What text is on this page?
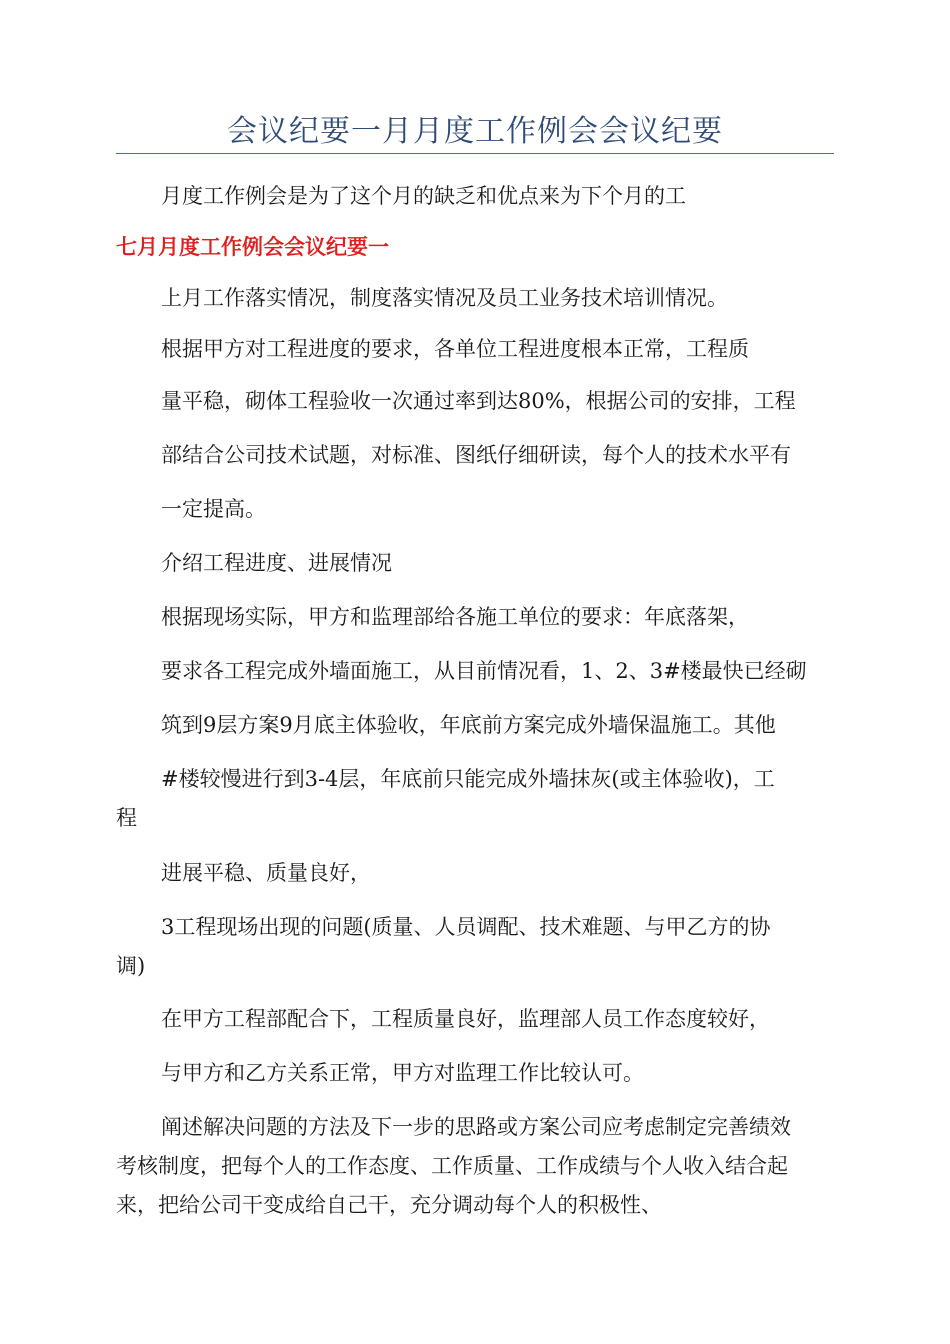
会议纪要一月月度工作例会会议纪要
月度工作例会是为了这个月的缺乏和优点来为下个月的工
七月月度工作例会会议纪要一
上月工作落实情况，制度落实情况及员工业务技术培训情况。
根据甲方对工程进度的要求，各单位工程进度根本正常，工程质
量平稳，砌体工程验收一次通过率到达80%，根据公司的安排，工程
部结合公司技术试题，对标准、图纸仔细研读，每个人的技术水平有
一定提高。
介绍工程进度、进展情况
根据现场实际，甲方和监理部给各施工单位的要求：年底落架，
要求各工程完成外墙面施工，从目前情况看，1、2、3#楼最快已经砌
筑到9层方案9月底主体验收，年底前方案完成外墙保温施工。其他
#楼较慢进行到3-4层，年底前只能完成外墙抹灰(或主体验收)，工
程
进展平稳、质量良好，
3工程现场出现的问题(质量、人员调配、技术难题、与甲乙方的协
调)
在甲方工程部配合下，工程质量良好，监理部人员工作态度较好，
与甲方和乙方关系正常，甲方对监理工作比较认可。
阐述解决问题的方法及下一步的思路或方案公司应考虑制定完善绩效
考核制度，把每个人的工作态度、工作质量、工作成绩与个人收入结合起
来，把给公司干变成给自己干，充分调动每个人的积极性、
